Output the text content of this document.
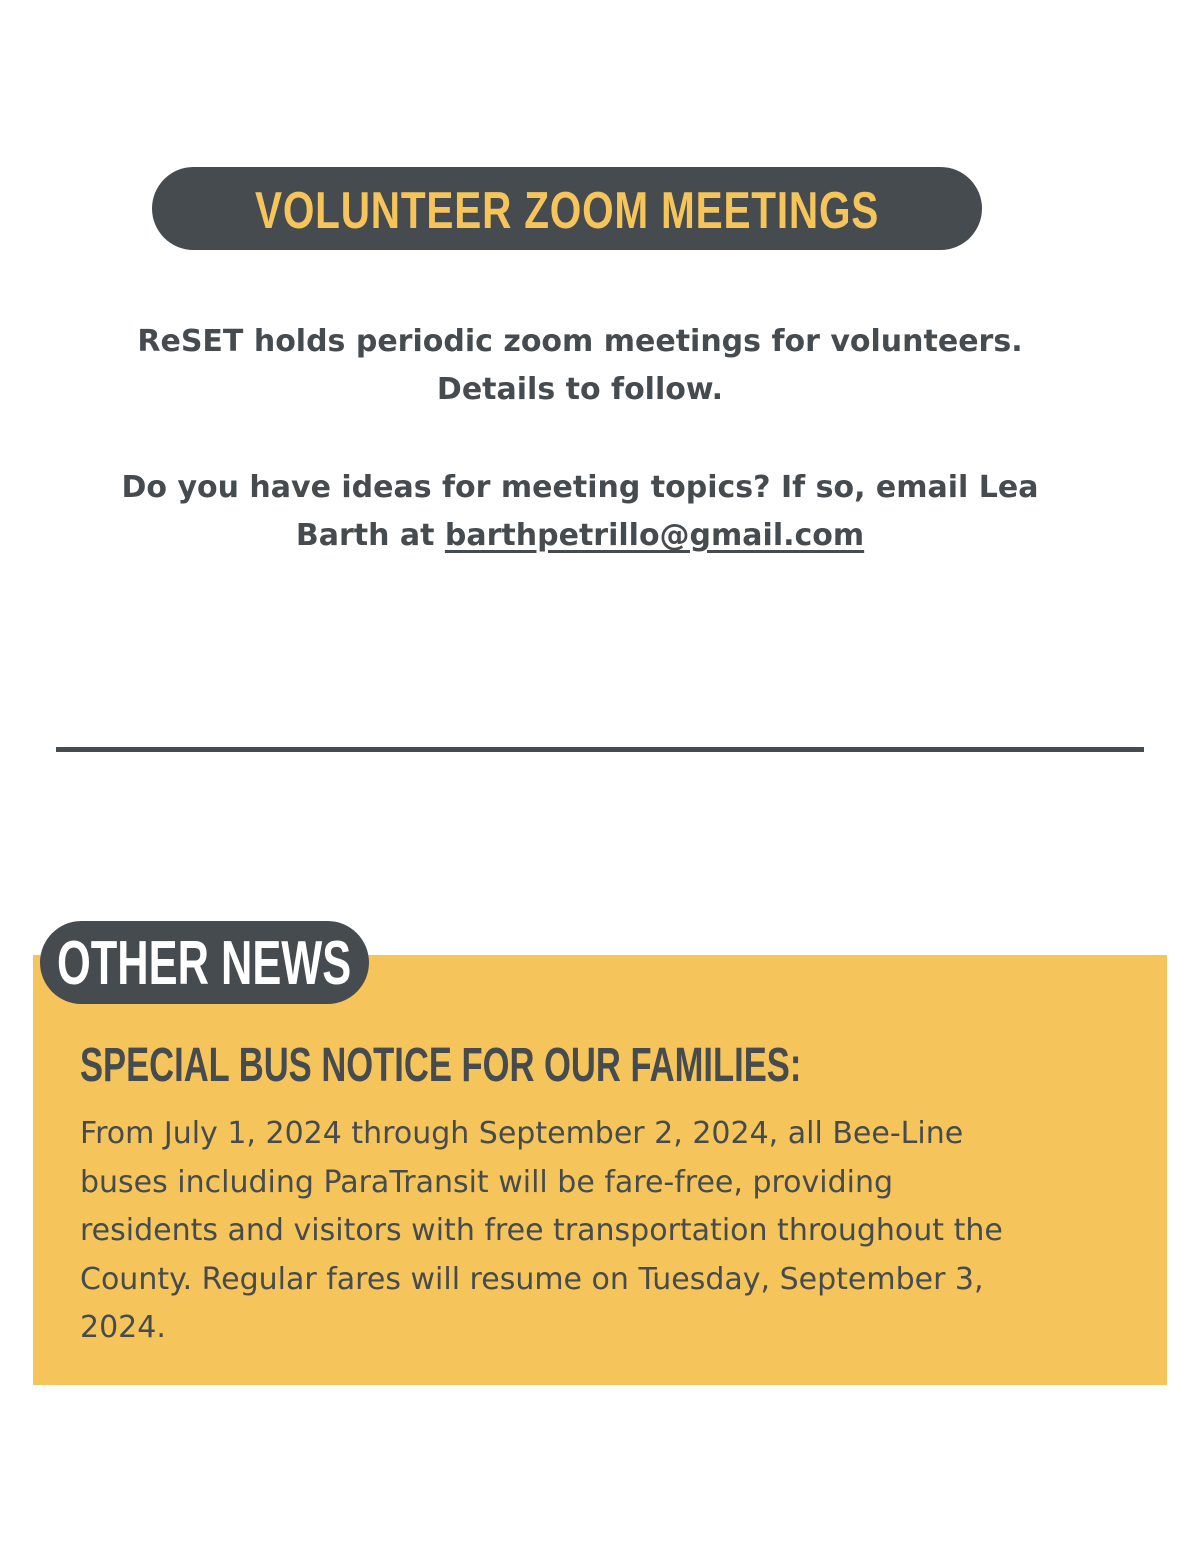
VOLUNTEER ZOOM MEETINGS

ReSET holds periodic zoom meetings for volunteers.

Details to follow.

Do you have ideas for meeting topics? If so, email Lea

Barth at barthpetrillo@gmail.com

OTHER NEWS
SPECIAL BUS NOTICE FOR OUR FAMILIES:
From July 1, 2024 through September 2, 2024, all Bee-Line
buses including ParaTransit will be fare-free, providing
residents and visitors with free transportation throughout the
County. Regular fares will resume on Tuesday, September 3,
2024.
